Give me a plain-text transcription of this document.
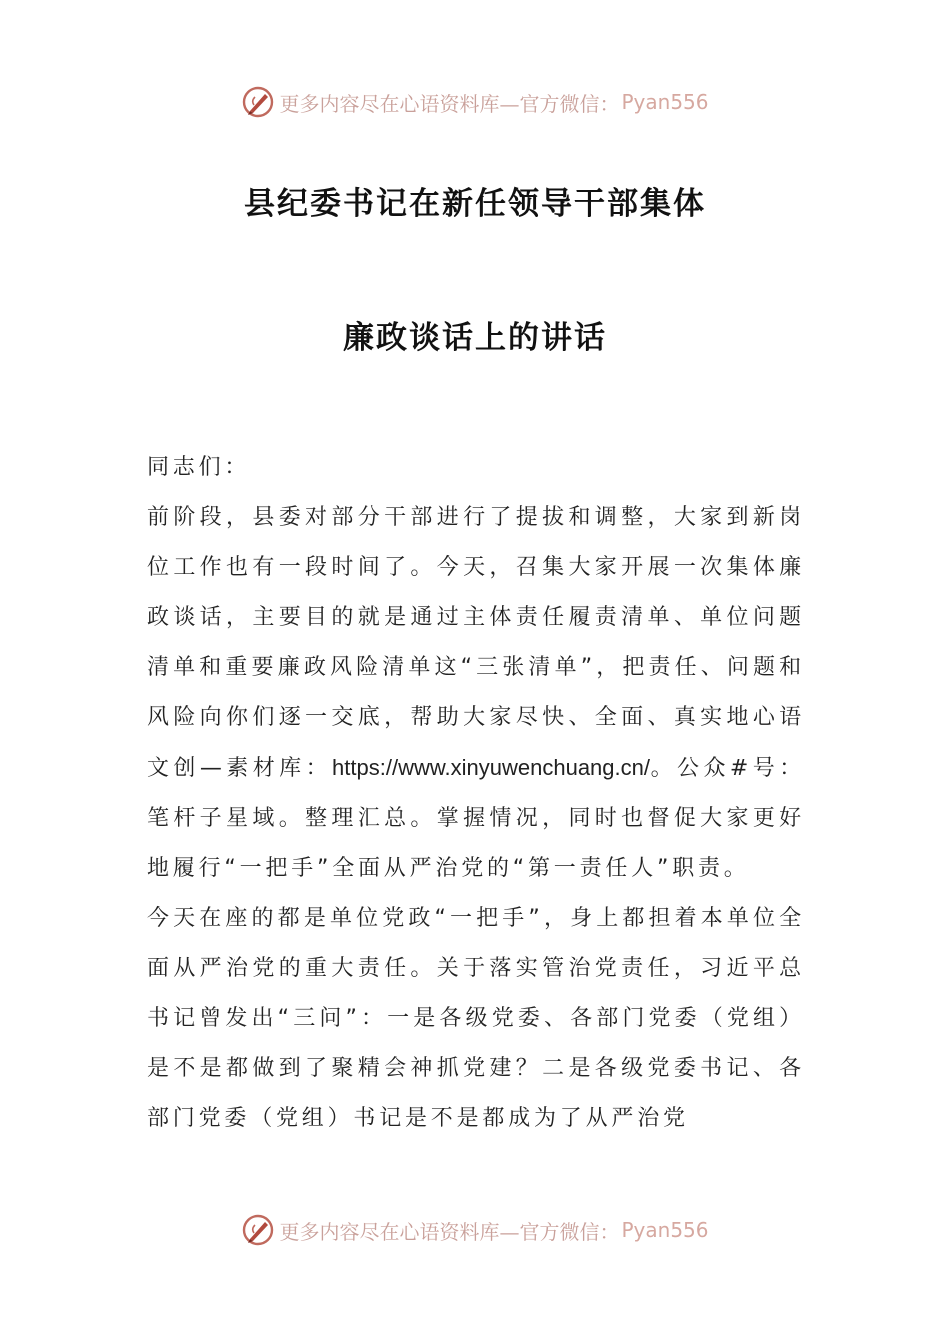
更多内容尽在心语资料库—官方微信： Pyan556
县纪委书记在新任领导干部集体
廉政谈话上的讲话

同志们：

前阶段，县委对部分干部进行了提拔和调整，大家到新岗位工作也有一段时间了。今天，召集大家开展一次集体廉政谈话，主要目的就是通过主体责任履责清单、单位问题清单和重要廉政风险清单这“三张清单”，把责任、问题和风险向你们逐一交底，帮助大家尽快、全面、真实地心语文创—素材库：https://www.xinyuwenchuang.cn/。公众#号：笔杆子星域。整理汇总。掌握情况，同时也督促大家更好地履行“一把手”全面从严治党的“第一责任人”职责。

今天在座的都是单位党政“一把手”，身上都担着本单位全面从严治党的重大责任。关于落实管治党责任，习近平总书记曾发出“三问”：一是各级党委、各部门党委（党组）是不是都做到了聚精会神抓党建？二是各级党委书记、各部门党委（党组）书记是不是都成为了从严治党

更多内容尽在心语资料库—官方微信： Pyan556
